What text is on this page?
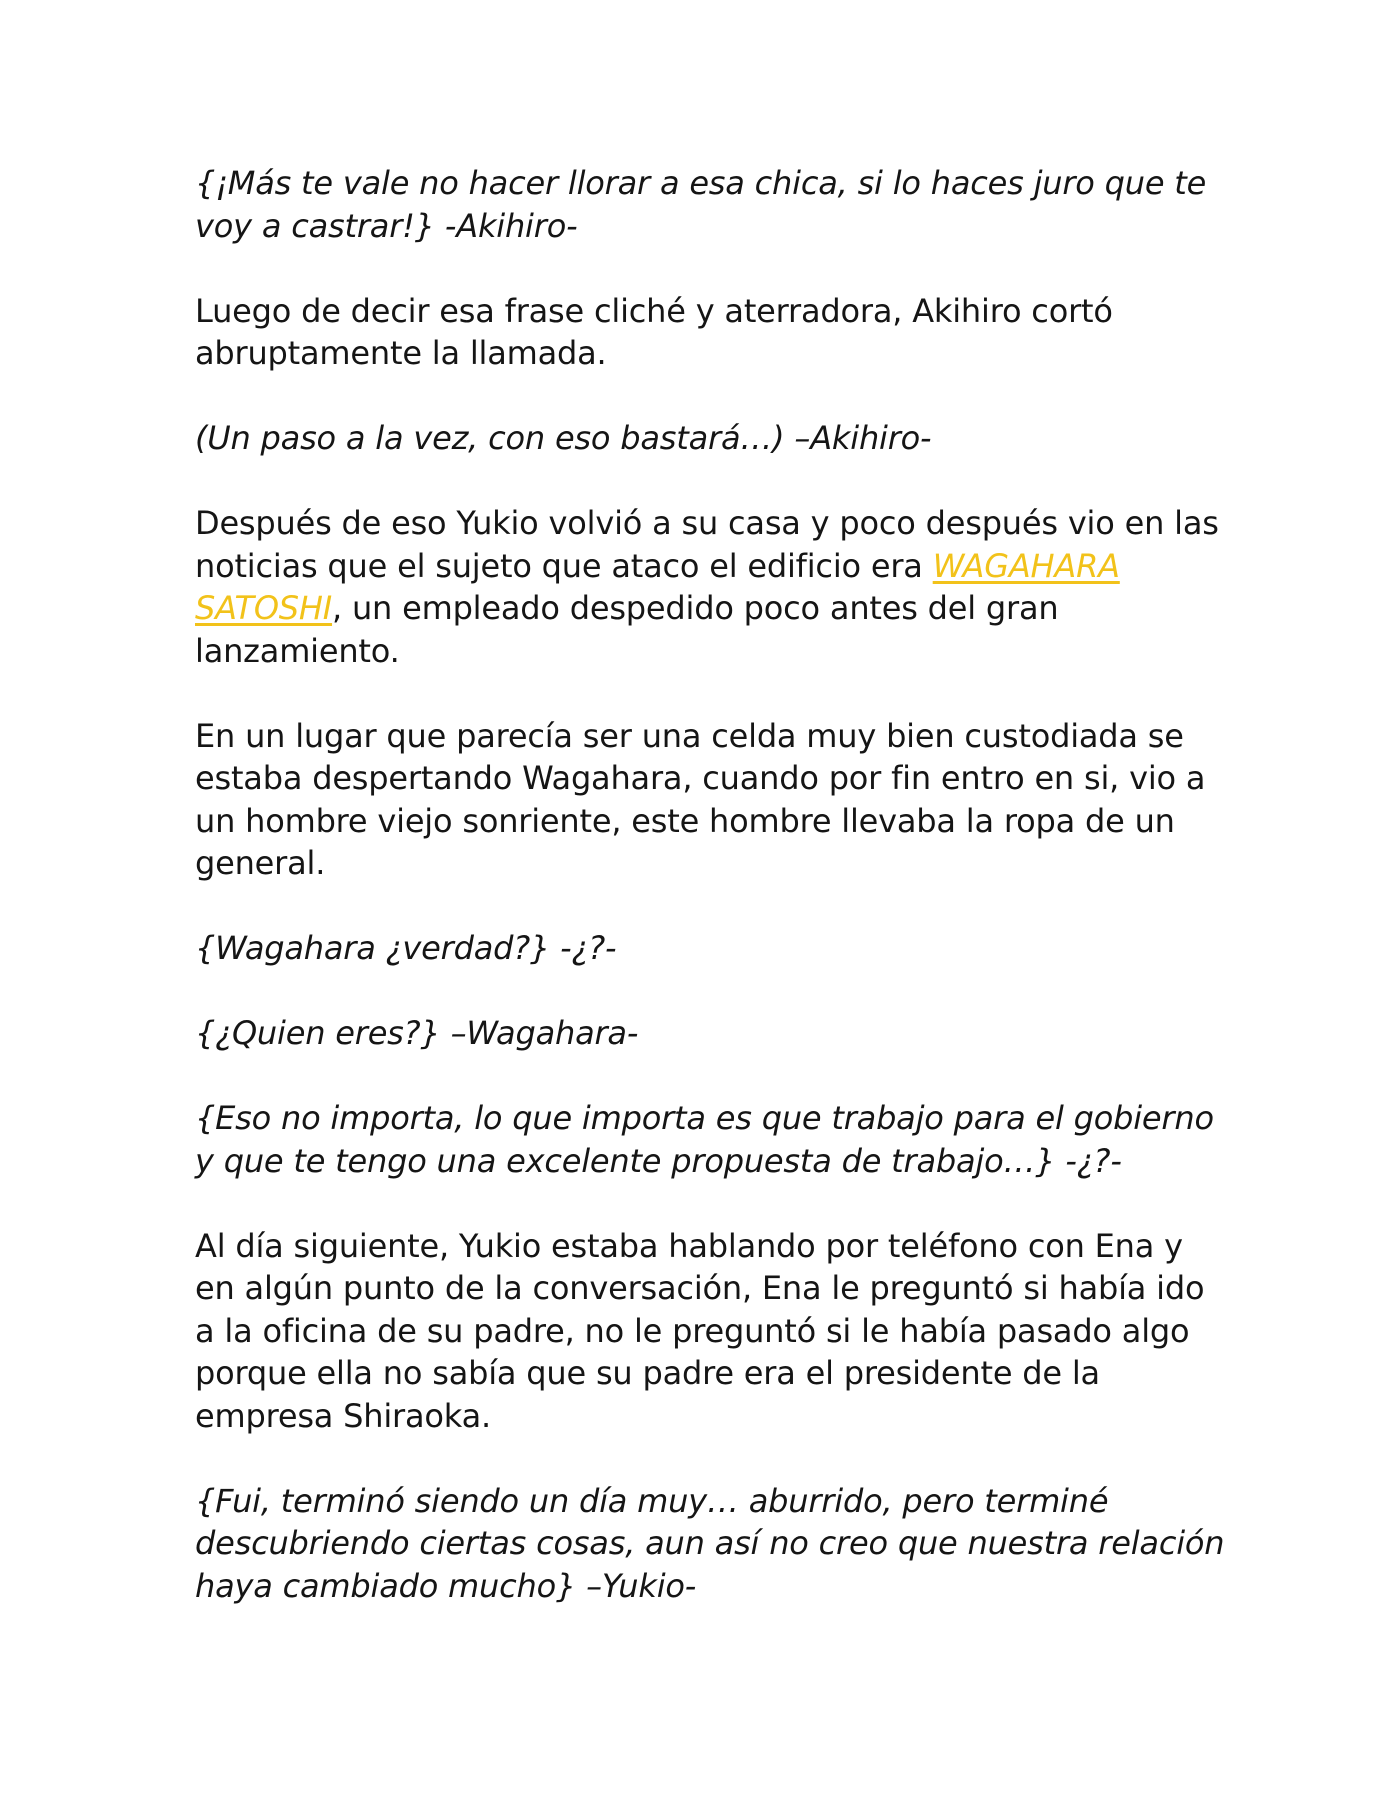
{¡Más te vale no hacer llorar a esa chica, si lo haces juro que te voy a castrar!} -Akihiro-

Luego de decir esa frase cliché y aterradora, Akihiro cortó abruptamente la llamada.

(Un paso a la vez, con eso bastará…) –Akihiro-

Después de eso Yukio volvió a su casa y poco después vio en las noticias que el sujeto que ataco el edificio era WAGAHARA SATOSHI, un empleado despedido poco antes del gran lanzamiento.

En un lugar que parecía ser una celda muy bien custodiada se estaba despertando Wagahara, cuando por fin entro en si, vio a un hombre viejo sonriente, este hombre llevaba la ropa de un general.

{Wagahara ¿verdad?} -¿?-

{¿Quien eres?} –Wagahara-

{Eso no importa, lo que importa es que trabajo para el gobierno y que te tengo una excelente propuesta de trabajo…} -¿?-

Al día siguiente, Yukio estaba hablando por teléfono con Ena y en algún punto de la conversación, Ena le preguntó si había ido a la oficina de su padre, no le preguntó si le había pasado algo porque ella no sabía que su padre era el presidente de la empresa Shiraoka.

{Fui, terminó siendo un día muy… aburrido, pero terminé descubriendo ciertas cosas, aun así no creo que nuestra relación haya cambiado mucho} –Yukio-
